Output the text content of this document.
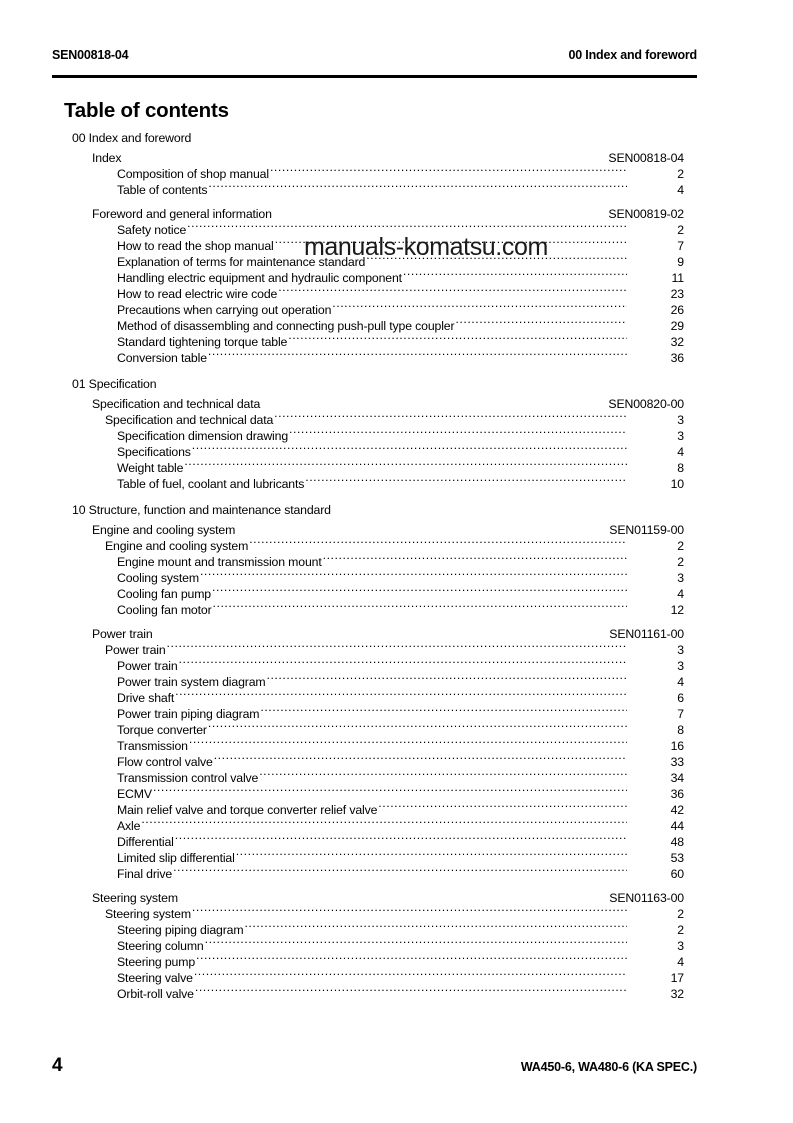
SEN00818-04	00 Index and foreword
Table of contents
00 Index and foreword
Index	SEN00818-04
Composition of shop manual .....	2
Table of contents .....	4
Foreword and general information	SEN00819-02
Safety notice .....	2
How to read the shop manual .....	7
Explanation of terms for maintenance standard .....	9
Handling electric equipment and hydraulic component .....	11
How to read electric wire code .....	23
Precautions when carrying out operation .....	26
Method of disassembling and connecting push-pull type coupler .....	29
Standard tightening torque table .....	32
Conversion table .....	36
01 Specification
Specification and technical data	SEN00820-00
Specification and technical data .....	3
Specification dimension drawing .....	3
Specifications .....	4
Weight table .....	8
Table of fuel, coolant and lubricants .....	10
10 Structure, function and maintenance standard
Engine and cooling system	SEN01159-00
Engine and cooling system .....	2
Engine mount and transmission mount .....	2
Cooling system .....	3
Cooling fan pump .....	4
Cooling fan motor .....	12
Power train	SEN01161-00
Power train .....	3
Power train .....	3
Power train system diagram .....	4
Drive shaft .....	6
Power train piping diagram .....	7
Torque converter .....	8
Transmission .....	16
Flow control valve .....	33
Transmission control valve .....	34
ECMV .....	36
Main relief valve and torque converter relief valve .....	42
Axle .....	44
Differential .....	48
Limited slip differential .....	53
Final drive .....	60
Steering system	SEN01163-00
Steering system .....	2
Steering piping diagram .....	2
Steering column .....	3
Steering pump .....	4
Steering valve .....	17
Orbit-roll valve .....	32
manuals-komatsu.com
4	WA450-6, WA480-6 (KA SPEC.)
